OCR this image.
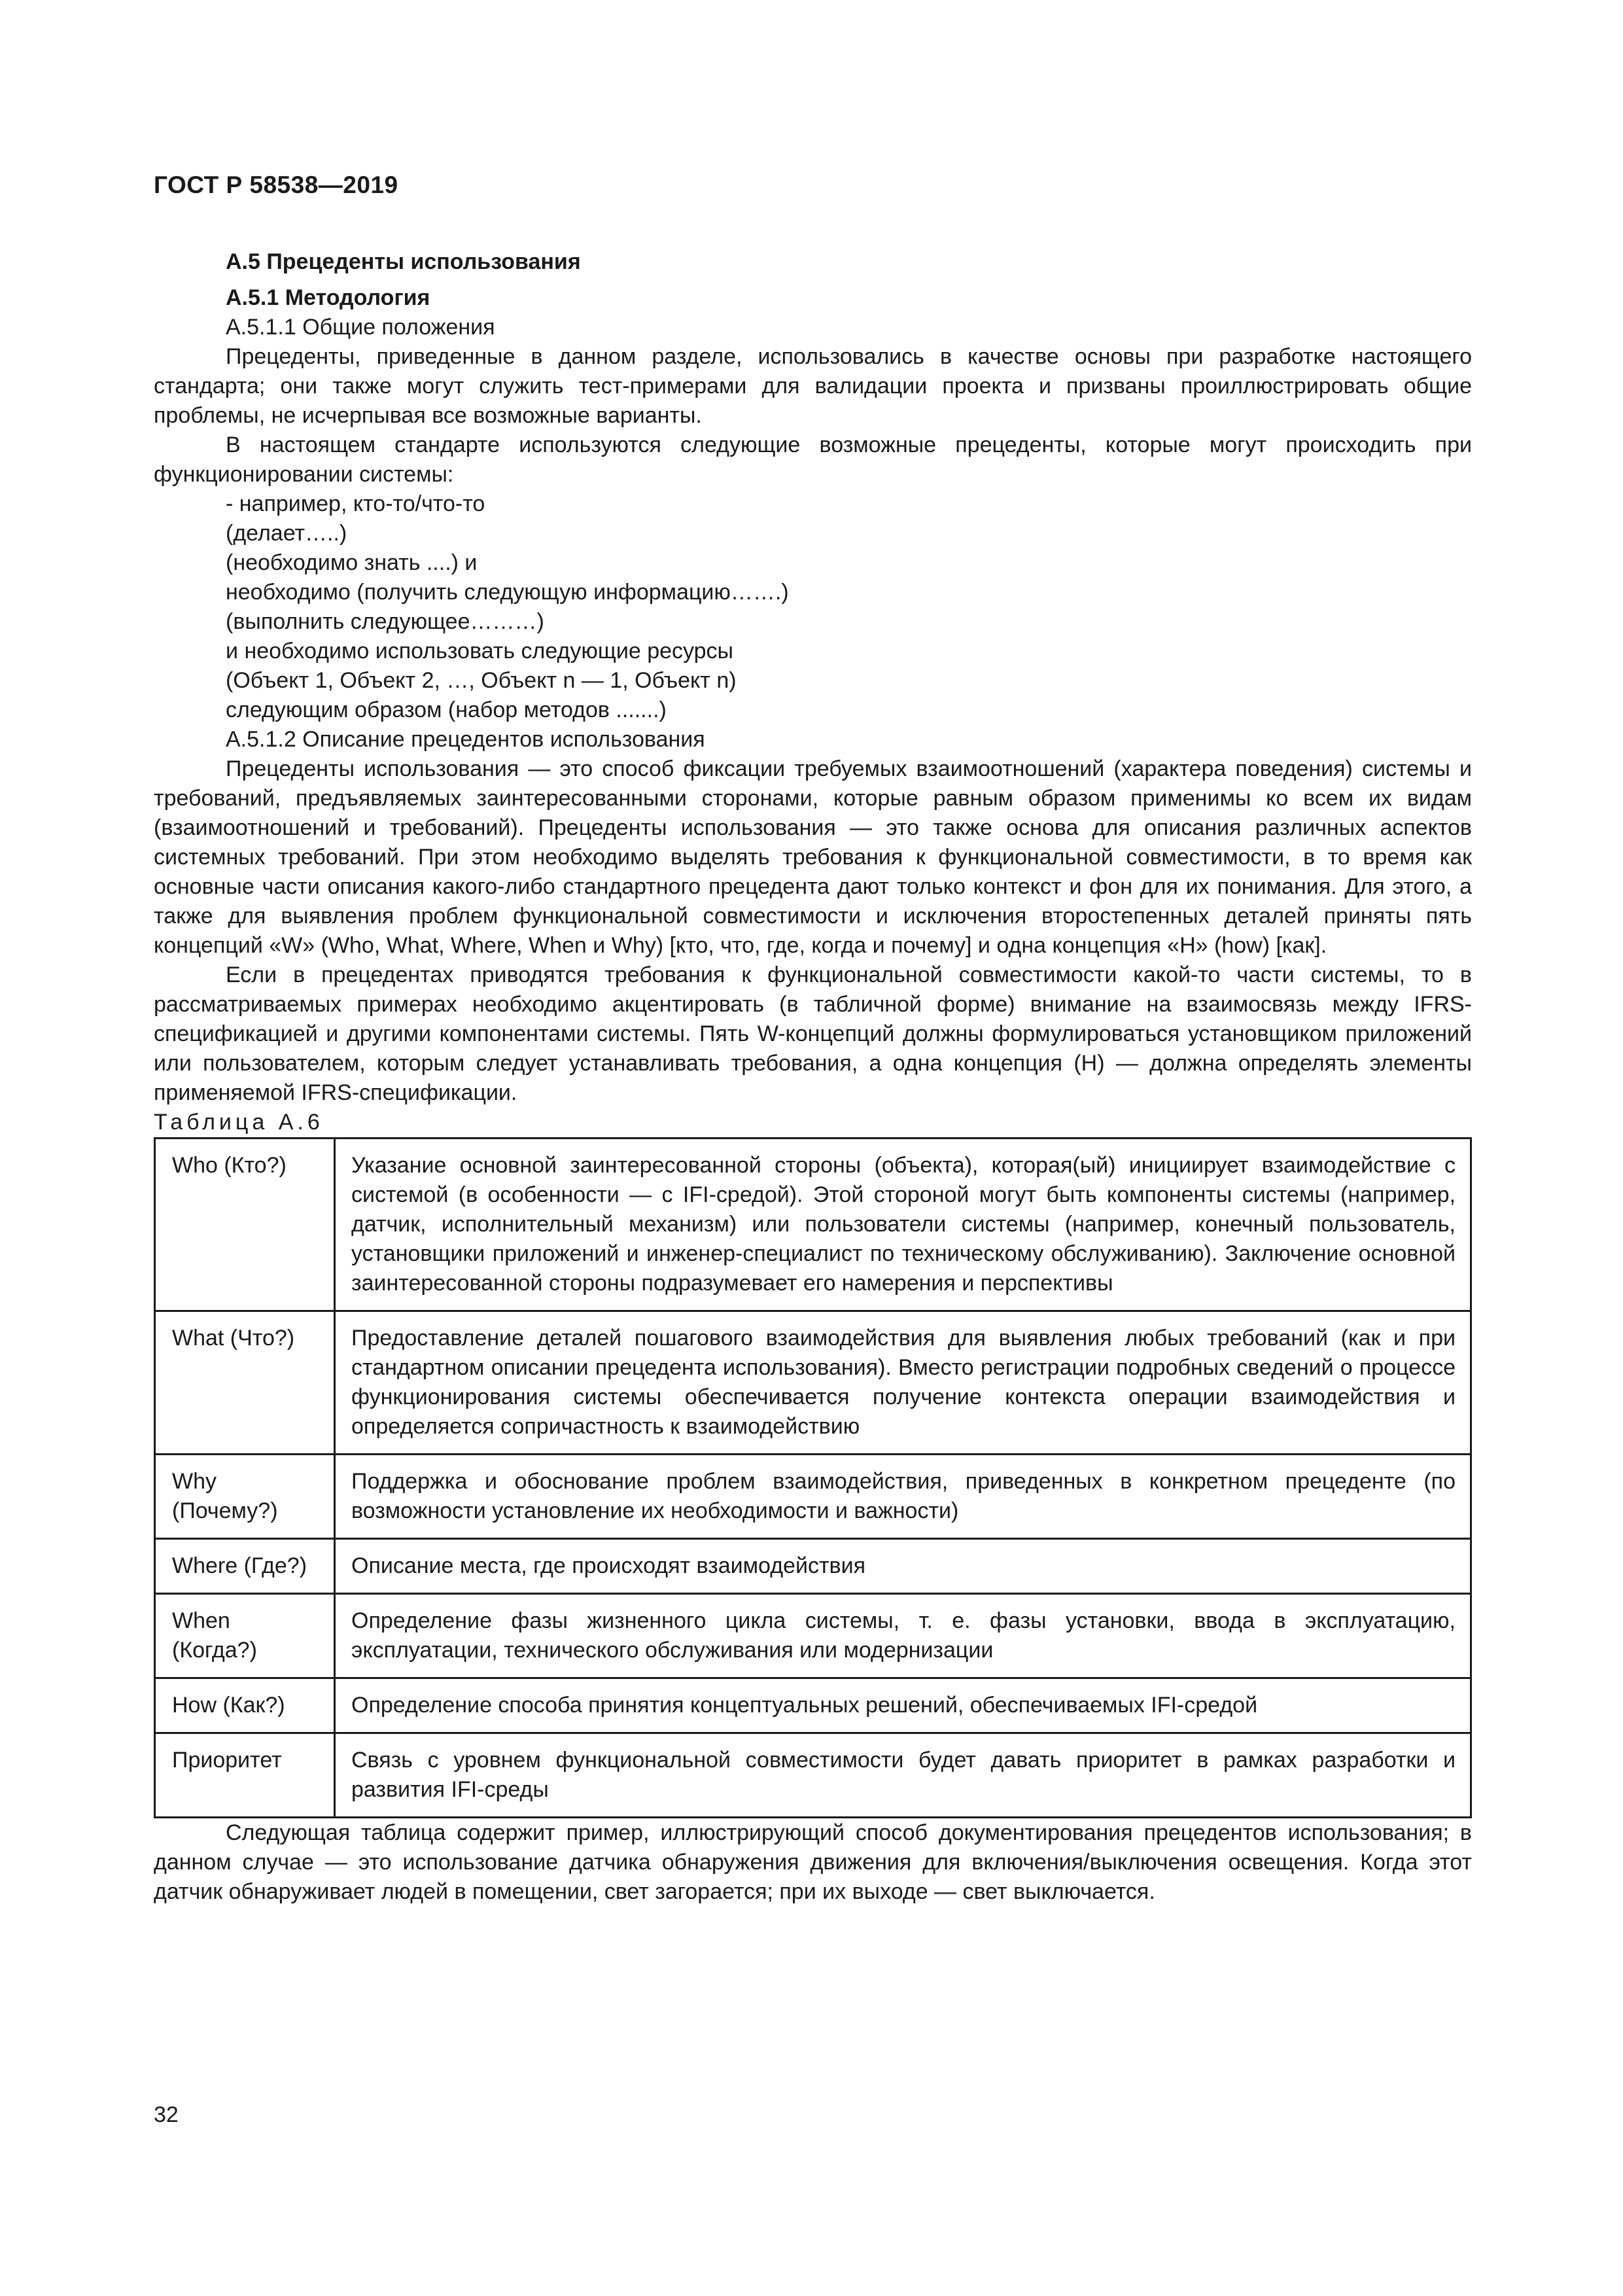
ГОСТ Р 58538—2019

А.5 Прецеденты использования

А.5.1 Методология

А.5.1.1 Общие положения

Прецеденты, приведенные в данном разделе, использовались в качестве основы при разработке настоящего стандарта; они также могут служить тест-примерами для валидации проекта и призваны проиллюстрировать общие проблемы, не исчерпывая все возможные варианты.

В настоящем стандарте используются следующие возможные прецеденты, которые могут происходить при функционировании системы:

- например, кто-то/что-то

(делает…..)

(необходимо знать ....) и

необходимо (получить следующую информацию…….)

(выполнить следующее………)

и необходимо использовать следующие ресурсы

(Объект 1, Объект 2, …, Объект n — 1, Объект n)

следующим образом (набор методов .......)

А.5.1.2 Описание прецедентов использования

Прецеденты использования — это способ фиксации требуемых взаимоотношений (характера поведения) системы и требований, предъявляемых заинтересованными сторонами, которые равным образом применимы ко всем их видам (взаимоотношений и требований). Прецеденты использования — это также основа для описания различных аспектов системных требований. При этом необходимо выделять требования к функциональной совместимости, в то время как основные части описания какого-либо стандартного прецедента дают только контекст и фон для их понимания. Для этого, а также для выявления проблем функциональной совместимости и исключения второстепенных деталей приняты пять концепций «W» (Who, What, Where, When и Why) [кто, что, где, когда и почему] и одна концепция «H» (how) [как].

Если в прецедентах приводятся требования к функциональной совместимости какой-то части системы, то в рассматриваемых примерах необходимо акцентировать (в табличной форме) внимание на взаимосвязь между IFRS-спецификацией и другими компонентами системы. Пять W-концепций должны формулироваться установщиком приложений или пользователем, которым следует устанавливать требования, а одна концепция (H) — должна определять элементы применяемой IFRS-спецификации.

Таблица А.6

Who (Кто?)	Указание основной заинтересованной стороны (объекта), которая(ый) инициирует взаимодействие с системой (в особенности — с IFI-средой). Этой стороной могут быть компоненты системы (например, датчик, исполнительный механизм) или пользователи системы (например, конечный пользователь, установщики приложений и инженер-специалист по техническому обслуживанию). Заключение основной заинтересованной стороны подразумевает его намерения и перспективы
What (Что?)	Предоставление деталей пошагового взаимодействия для выявления любых требований (как и при стандартном описании прецедента использования). Вместо регистрации подробных сведений о процессе функционирования системы обеспечивается получение контекста операции взаимодействия и определяется сопричастность к взаимодействию
Why (Почему?)	Поддержка и обоснование проблем взаимодействия, приведенных в конкретном прецеденте (по возможности установление их необходимости и важности)
Where (Где?)	Описание места, где происходят взаимодействия
When (Когда?)	Определение фазы жизненного цикла системы, т. е. фазы установки, ввода в эксплуатацию, эксплуатации, технического обслуживания или модернизации
How (Как?)	Определение способа принятия концептуальных решений, обеспечиваемых IFI-средой
Приоритет	Связь с уровнем функциональной совместимости будет давать приоритет в рамках разработки и развития IFI-среды

Следующая таблица содержит пример, иллюстрирующий способ документирования прецедентов использования; в данном случае — это использование датчика обнаружения движения для включения/выключения освещения. Когда этот датчик обнаруживает людей в помещении, свет загорается; при их выходе — свет выключается.

32
